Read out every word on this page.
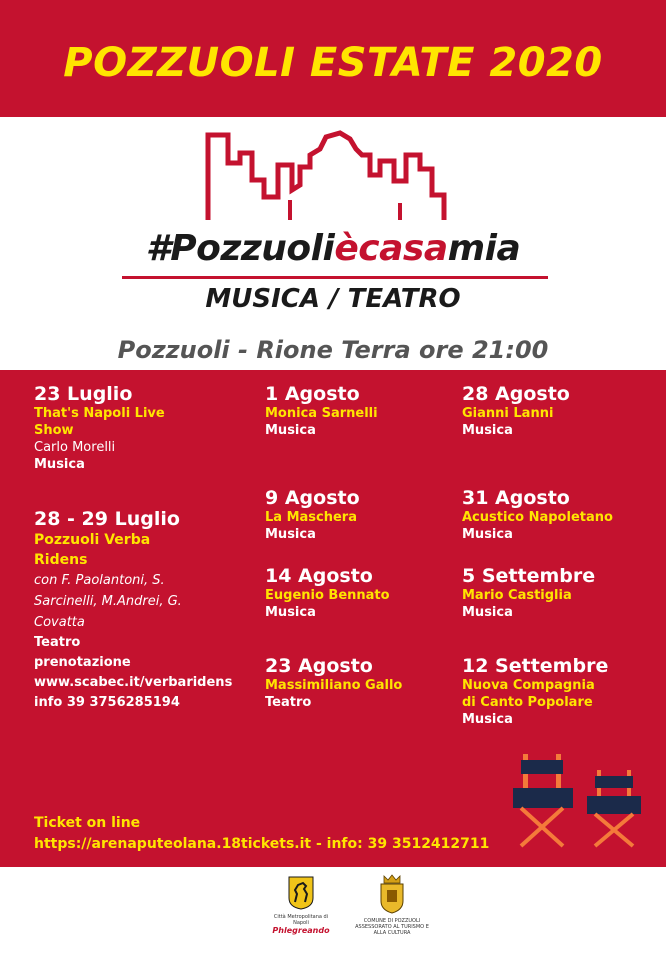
POZZUOLI ESTATE 2020
#Pozzuoliècasamia
MUSICA / TEATRO
Pozzuoli - Rione Terra ore 21:00
23 Luglio
That's Napoli Live
Show
Carlo Morelli
Musica
28 - 29 Luglio
Pozzuoli Verba
Ridens
con F. Paolantoni, S.
Sarcinelli, M.Andrei, G.
Covatta
Teatro
prenotazione
www.scabec.it/verbaridens
info 39 3756285194
1 Agosto
Monica Sarnelli
Musica
9 Agosto
La Maschera
Musica
14 Agosto
Eugenio Bennato
Musica
23 Agosto
Massimiliano Gallo
Teatro
28 Agosto
Gianni Lanni
Musica
31 Agosto
Acustico Napoletano
Musica
5 Settembre
Mario Castiglia
Musica
12 Settembre
Nuova Compagnia
di Canto Popolare
Musica
Ticket on line
https://arenaputeolana.18tickets.it - info: 39 3512412711
Città Metropolitana di Napoli
Phlegreando
COMUNE DI POZZUOLI
ASSESSORATO AL TURISMO E
ALLA CULTURA
